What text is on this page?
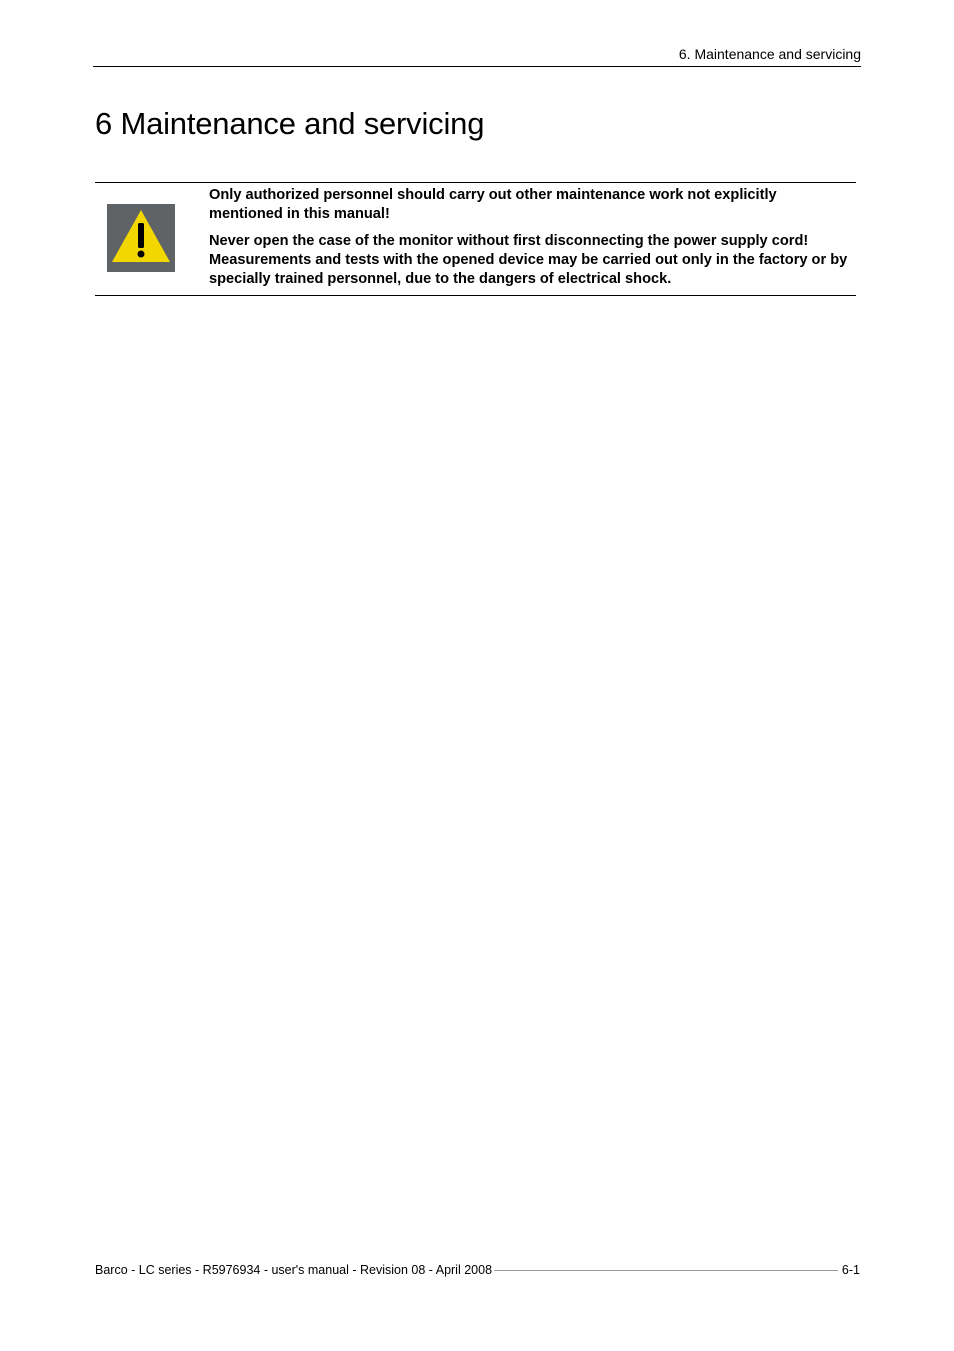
6. Maintenance and servicing
6 Maintenance and servicing

Only authorized personnel should carry out other maintenance work not explicitly mentioned in this manual!

Never open the case of the monitor without first disconnecting the power supply cord! Measurements and tests with the opened device may be carried out only in the factory or by specially trained personnel, due to the dangers of electrical shock.

Barco - LC series - R5976934 - user's manual - Revision 08 - April 2008	6-1
